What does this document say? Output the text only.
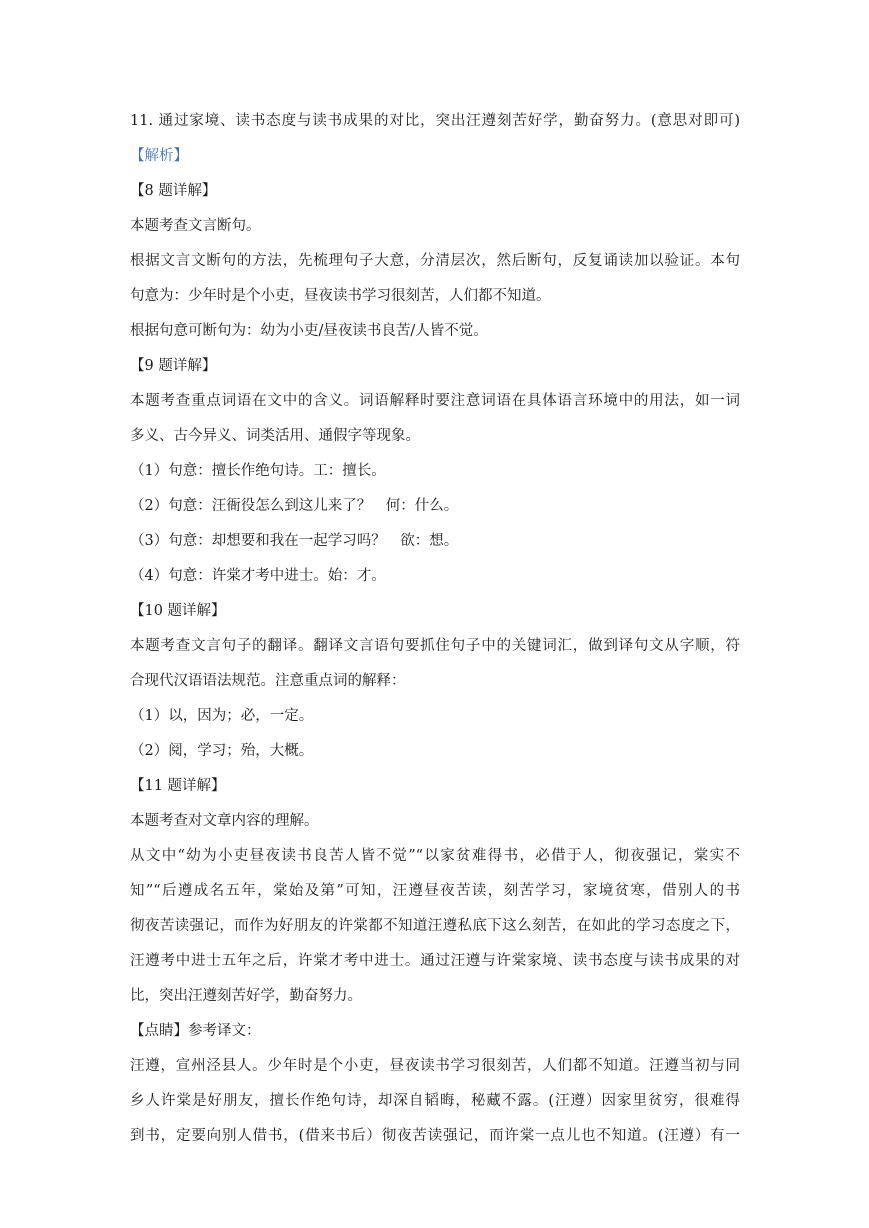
11. 通过家境、读书态度与读书成果的对比，突出汪遵刻苦好学，勤奋努力。(意思对即可)
【解析】
【8 题详解】
本题考查文言断句。
根据文言文断句的方法，先梳理句子大意，分清层次，然后断句，反复诵读加以验证。本句
句意为：少年时是个小吏，昼夜读书学习很刻苦，人们都不知道。
根据句意可断句为：幼为小吏/昼夜读书良苦/人皆不觉。
【9 题详解】
本题考查重点词语在文中的含义。词语解释时要注意词语在具体语言环境中的用法，如一词
多义、古今异义、词类活用、通假字等现象。
（1）句意：擅长作绝句诗。工：擅长。
（2）句意：汪衙役怎么到这儿来了？　何：什么。
（3）句意：却想要和我在一起学习吗？　欲：想。
（4）句意：许棠才考中进士。始：才。
【10 题详解】
本题考查文言句子的翻译。翻译文言语句要抓住句子中的关键词汇，做到译句文从字顺，符
合现代汉语语法规范。注意重点词的解释：
（1）以，因为；必，一定。
（2）阅，学习；殆，大概。
【11 题详解】
本题考查对文章内容的理解。
从文中“幼为小吏昼夜读书良苦人皆不觉”“以家贫难得书，必借于人，彻夜强记，棠实不
知”“后遵成名五年，棠始及第”可知，汪遵昼夜苦读，刻苦学习，家境贫寒，借别人的书
彻夜苦读强记，而作为好朋友的许棠都不知道汪遵私底下这么刻苦，在如此的学习态度之下，
汪遵考中进士五年之后，许棠才考中进士。通过汪遵与许棠家境、读书态度与读书成果的对
比，突出汪遵刻苦好学，勤奋努力。
【点睛】参考译文：
汪遵，宣州泾县人。少年时是个小吏，昼夜读书学习很刻苦，人们都不知道。汪遵当初与同
乡人许棠是好朋友，擅长作绝句诗，却深自韬晦，秘藏不露。(汪遵）因家里贫穷，很难得
到书，定要向别人借书，(借来书后）彻夜苦读强记，而许棠一点儿也不知道。(汪遵）有一
